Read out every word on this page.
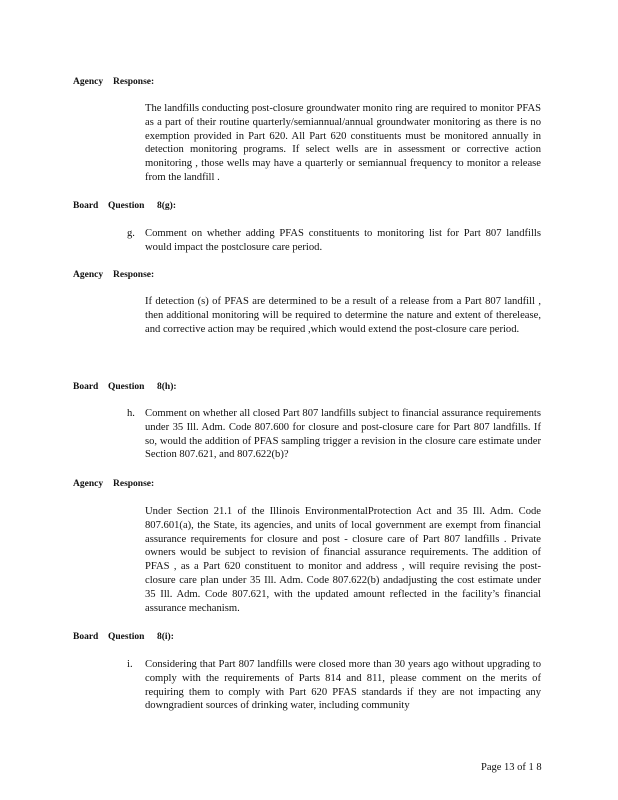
Agency Response:
The landfills conducting post-closure groundwater monito ring are required to monitor PFAS as a part of their routine quarterly/semiannual/annual groundwater monitoring as there is no exemption provided in Part 620. All Part 620 constituents must be monitored annually in detection monitoring programs. If select wells are in assessment or corrective action monitoring , those wells may have a quarterly or semiannual frequency to monitor a release from the landfill .
Board Question 8(g):
g. Comment on whether adding PFAS constituents to monitoring list for Part 807 landfills would impact the postclosure care period.
Agency Response:
If detection (s) of PFAS are determined to be a result of a release from a Part 807 landfill , then additional monitoring will be required to determine the nature and extent of therelease, and corrective action may be required ,which would extend the post-closure care period.
Board Question 8(h):
h. Comment on whether all closed Part 807 landfills subject to financial assurance requirements under 35 Ill. Adm. Code 807.600 for closure and post-closure care for Part 807 landfills. If so, would the addition of PFAS sampling trigger a revision in the closure care estimate under Section 807.621, and 807.622(b)?
Agency Response:
Under Section 21.1 of the Illinois EnvironmentalProtection Act and 35 Ill. Adm. Code 807.601(a), the State, its agencies, and units of local government are exempt from financial assurance requirements for closure and post - closure care of Part 807 landfills . Private owners would be subject to revision of financial assurance requirements. The addition of PFAS , as a Part 620 constituent to monitor and address , will require revising the post-closure care plan under 35 Ill. Adm. Code 807.622(b) andadjusting the cost estimate under 35 Ill. Adm. Code 807.621, with the updated amount reflected in the facility’s financial assurance mechanism.
Board Question 8(i):
i. Considering that Part 807 landfills were closed more than 30 years ago without upgrading to comply with the requirements of Parts 814 and 811, please comment on the merits of requiring them to comply with Part 620 PFAS standards if they are not impacting any downgradient sources of drinking water, including community
Page 13 of 1 8
